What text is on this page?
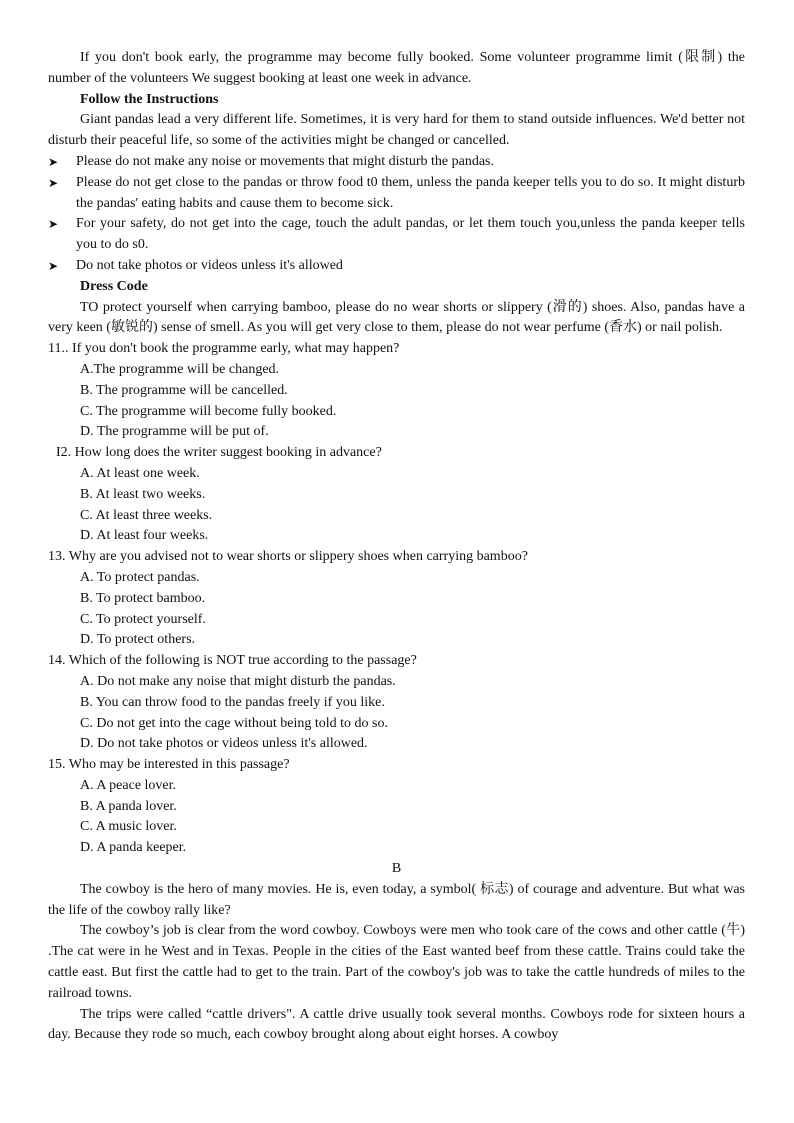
If you don't book early, the programme may become fully booked. Some volunteer programme limit (限制) the number of the volunteers We suggest booking at least one week in advance.

Follow the Instructions

Giant pandas lead a very different life. Sometimes, it is very hard for them to stand outside influences. We'd better not disturb their peaceful life, so some of the activities might be changed or cancelled.

➤ Please do not make any noise or movements that might disturb the pandas.
➤ Please do not get close to the pandas or throw food t0 them, unless the panda keeper tells you to do so. It might disturb the pandas' eating habits and cause them to become sick.
➤ For your safety, do not get into the cage, touch the adult pandas, or let them touch you,unless the panda keeper tells you to do s0.
➤ Do not take photos or videos unless it's allowed

Dress Code

TO protect yourself when carrying bamboo, please do no wear shorts or slippery (滑的) shoes. Also, pandas have a very keen (敏锐的) sense of smell. As you will get very close to them, please do not wear perfume (香水) or nail polish.

11.. If you don't book the programme early, what may happen?

A.The programme will be changed.

B. The programme will be cancelled.

C. The programme will become fully booked.

D. The programme will be put of.

I2. How long does the writer suggest booking in advance?

A. At least one week.

B. At least two weeks.

C. At least three weeks.

D. At least four weeks.

13. Why are you advised not to wear shorts or slippery shoes when carrying bamboo?

A. To protect pandas.

B. To protect bamboo.

C. To protect yourself.

D. To protect others.

14. Which of the following is NOT true according to the passage?

A. Do not make any noise that might disturb the pandas.

B. You can throw food to the pandas freely if you like.

C. Do not get into the cage without being told to do so.

D. Do not take photos or videos unless it's allowed.

15. Who may be interested in this passage?

A. A peace lover.

B. A panda lover.

C. A music lover.

D. A panda keeper.

B

The cowboy is the hero of many movies. He is, even today, a symbol( 标志) of courage and adventure. But what was the life of the cowboy rally like?

The cowboy’s job is clear from the word cowboy. Cowboys were men who took care of the cows and other cattle (牛) .The cat were in he West and in Texas. People in the cities of the East wanted beef from these cattle. Trains could take the cattle east. But first the cattle had to get to the train. Part of the cowboy's job was to take the cattle hundreds of miles to the railroad towns.

The trips were called “cattle drivers". A cattle drive usually took several months. Cowboys rode for sixteen hours a day. Because they rode so much, each cowboy brought along about eight horses. A cowboy
